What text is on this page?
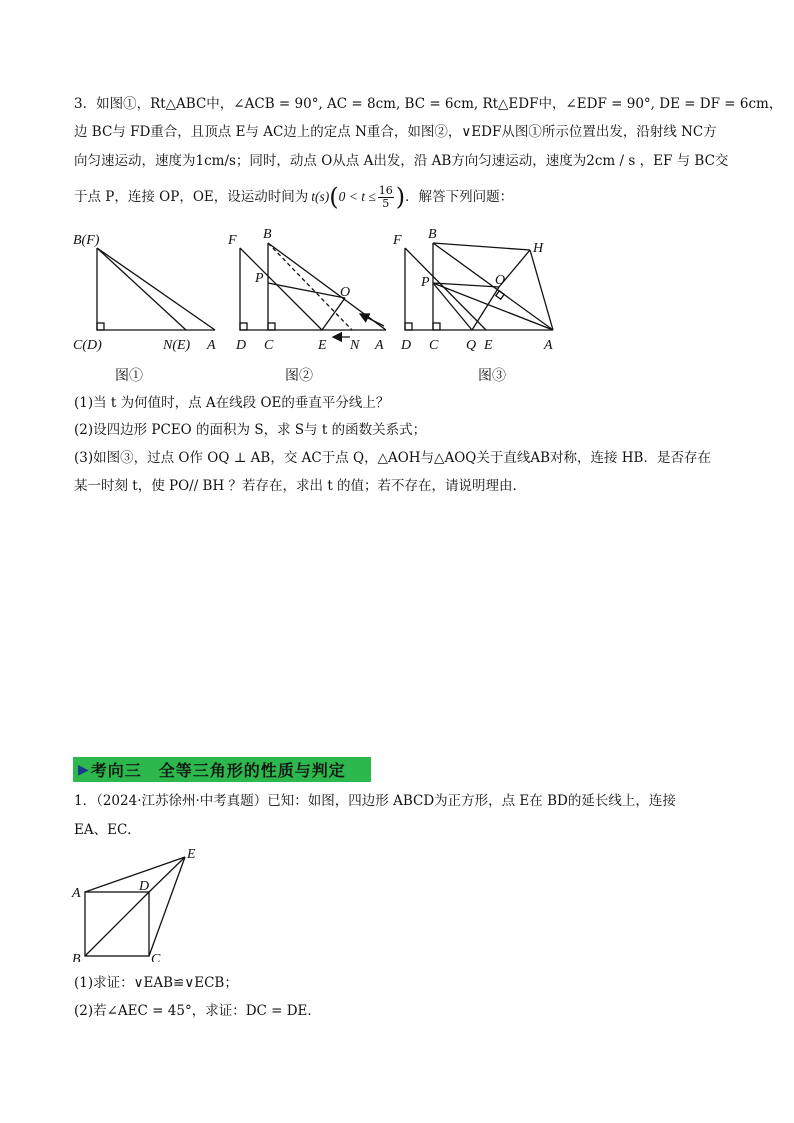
3．如图①，Rt△ABC中，∠ACB = 90°, AC = 8cm, BC = 6cm, Rt△EDF中，∠EDF = 90°, DE = DF = 6cm，
边 BC与 FD重合，且顶点 E与 AC边上的定点 N重合，如图②，∨EDF从图①所示位置出发，沿射线 NC方
向匀速运动，速度为1cm/s；同时，动点 O从点 A出发，沿 AB方向匀速运动，速度为2cm / s ，EF 与 BC交
于点 P，连接 OP，OE，设运动时间为 t(s) ( $0 < t \le \frac{16}{5}$ ) ．解答下列问题：
B(F)
C(D)	N(E) A
F B
P
O
D C	E N A
F B
H
P	O
D C Q E	A
图①	图②	图③
(1)当 t 为何值时，点 A在线段 OE的垂直平分线上？
(2)设四边形 PCEO 的面积为 S，求 S与 t 的函数关系式；
(3)如图③，过点 O作 OQ ⊥ AB，交 AC于点 Q，△AOH与△AOQ关于直线AB对称，连接 HB．是否存在
某一时刻 t，使 PO// BH ？若存在，求出 t 的值；若不存在，请说明理由．
▶ 考向三　全等三角形的性质与判定
1．（2024·江苏徐州·中考真题）已知：如图，四边形 ABCD为正方形，点 E在 BD的延长线上，连接
EA、EC．
A
B	C
D
E
(1)求证：∨EAB≌∨ECB；
(2)若∠AEC = 45°，求证：DC = DE．
